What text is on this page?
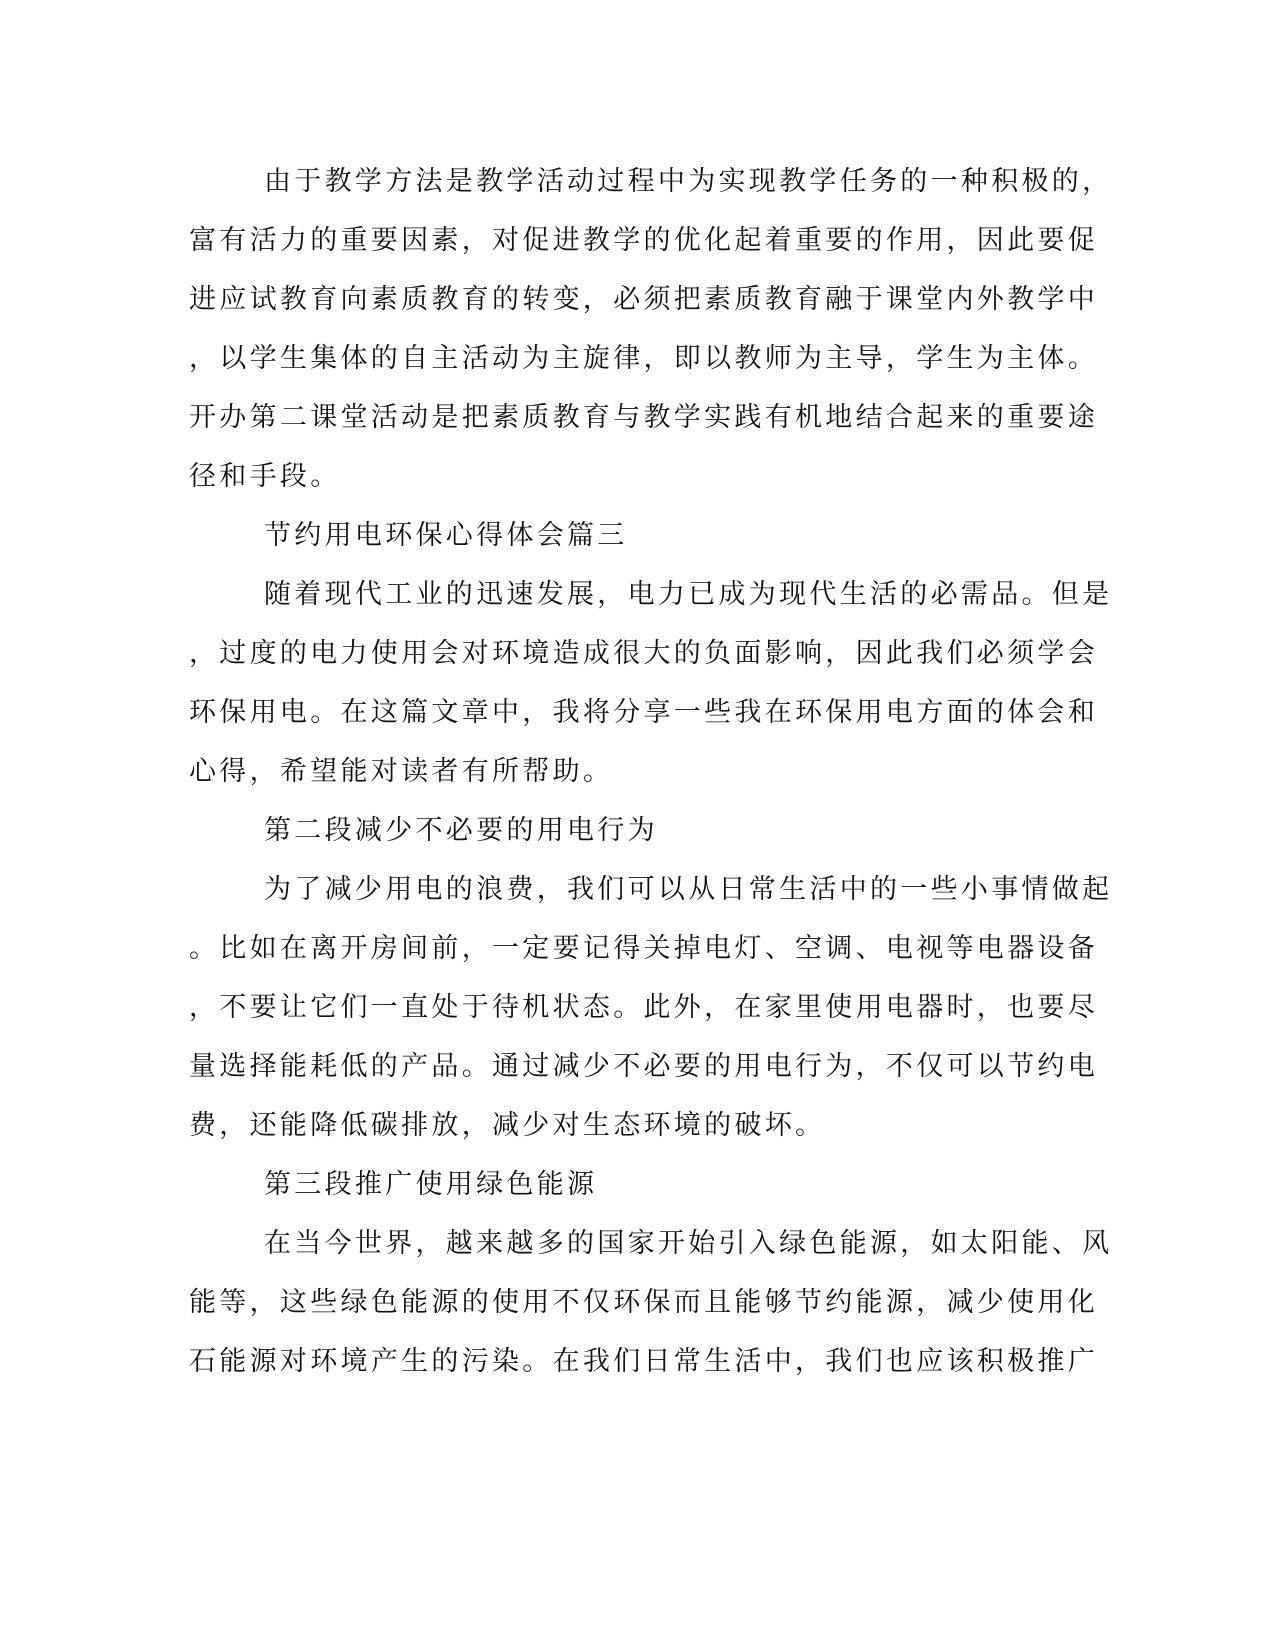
由于教学方法是教学活动过程中为实现教学任务的一种积极的，
富有活力的重要因素，对促进教学的优化起着重要的作用，因此要促
进应试教育向素质教育的转变，必须把素质教育融于课堂内外教学中
，以学生集体的自主活动为主旋律，即以教师为主导，学生为主体。
开办第二课堂活动是把素质教育与教学实践有机地结合起来的重要途
径和手段。
节约用电环保心得体会篇三
随着现代工业的迅速发展，电力已成为现代生活的必需品。但是
，过度的电力使用会对环境造成很大的负面影响，因此我们必须学会
环保用电。在这篇文章中，我将分享一些我在环保用电方面的体会和
心得，希望能对读者有所帮助。
第二段减少不必要的用电行为
为了减少用电的浪费，我们可以从日常生活中的一些小事情做起
。比如在离开房间前，一定要记得关掉电灯、空调、电视等电器设备
，不要让它们一直处于待机状态。此外，在家里使用电器时，也要尽
量选择能耗低的产品。通过减少不必要的用电行为，不仅可以节约电
费，还能降低碳排放，减少对生态环境的破坏。
第三段推广使用绿色能源
在当今世界，越来越多的国家开始引入绿色能源，如太阳能、风
能等，这些绿色能源的使用不仅环保而且能够节约能源，减少使用化
石能源对环境产生的污染。在我们日常生活中，我们也应该积极推广
